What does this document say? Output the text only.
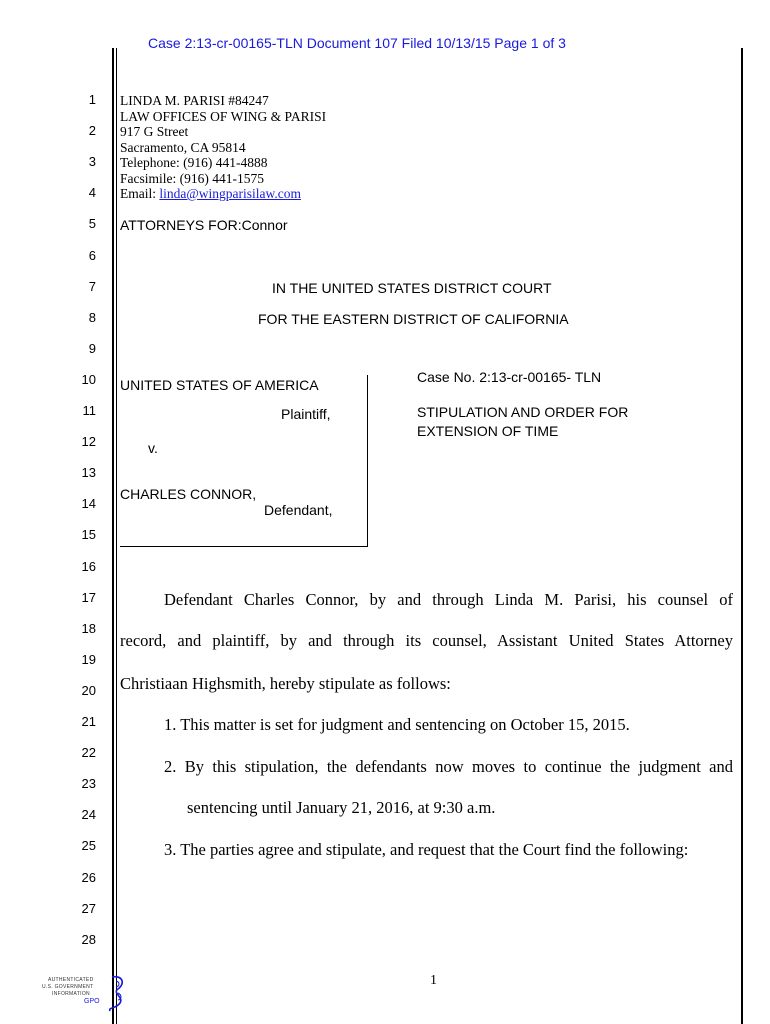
Case 2:13-cr-00165-TLN Document 107 Filed 10/13/15 Page 1 of 3
1
2
3
4
5
6
7
8
9
10
11
12
13
14
15
16
17
18
19
20
21
22
23
24
25
26
27
28
LINDA M. PARISI #84247
LAW OFFICES OF WING & PARISI
917 G Street
Sacramento, CA 95814
Telephone: (916) 441-4888
Facsimile: (916) 441-1575
Email: linda@wingparisilaw.com
ATTORNEYS FOR:Connor
IN THE UNITED STATES DISTRICT COURT
FOR THE EASTERN DISTRICT OF CALIFORNIA
UNITED STATES OF AMERICA
Plaintiff,
v.
CHARLES CONNOR,
Defendant,
Case No. 2:13-cr-00165- TLN
STIPULATION AND ORDER FOR
EXTENSION OF TIME
Defendant Charles Connor, by and through Linda M. Parisi, his counsel of
record, and plaintiff, by and through its counsel, Assistant United States Attorney
Christiaan Highsmith, hereby stipulate as follows:
1. This matter is set for judgment and sentencing on October 15, 2015.
2. By this stipulation, the defendants now moves to continue the judgment and
sentencing until January 21, 2016, at 9:30 a.m.
3. The parties agree and stipulate, and request that the Court find the following:
1
AUTHENTICATED
U.S. GOVERNMENT
INFORMATION
GPO
